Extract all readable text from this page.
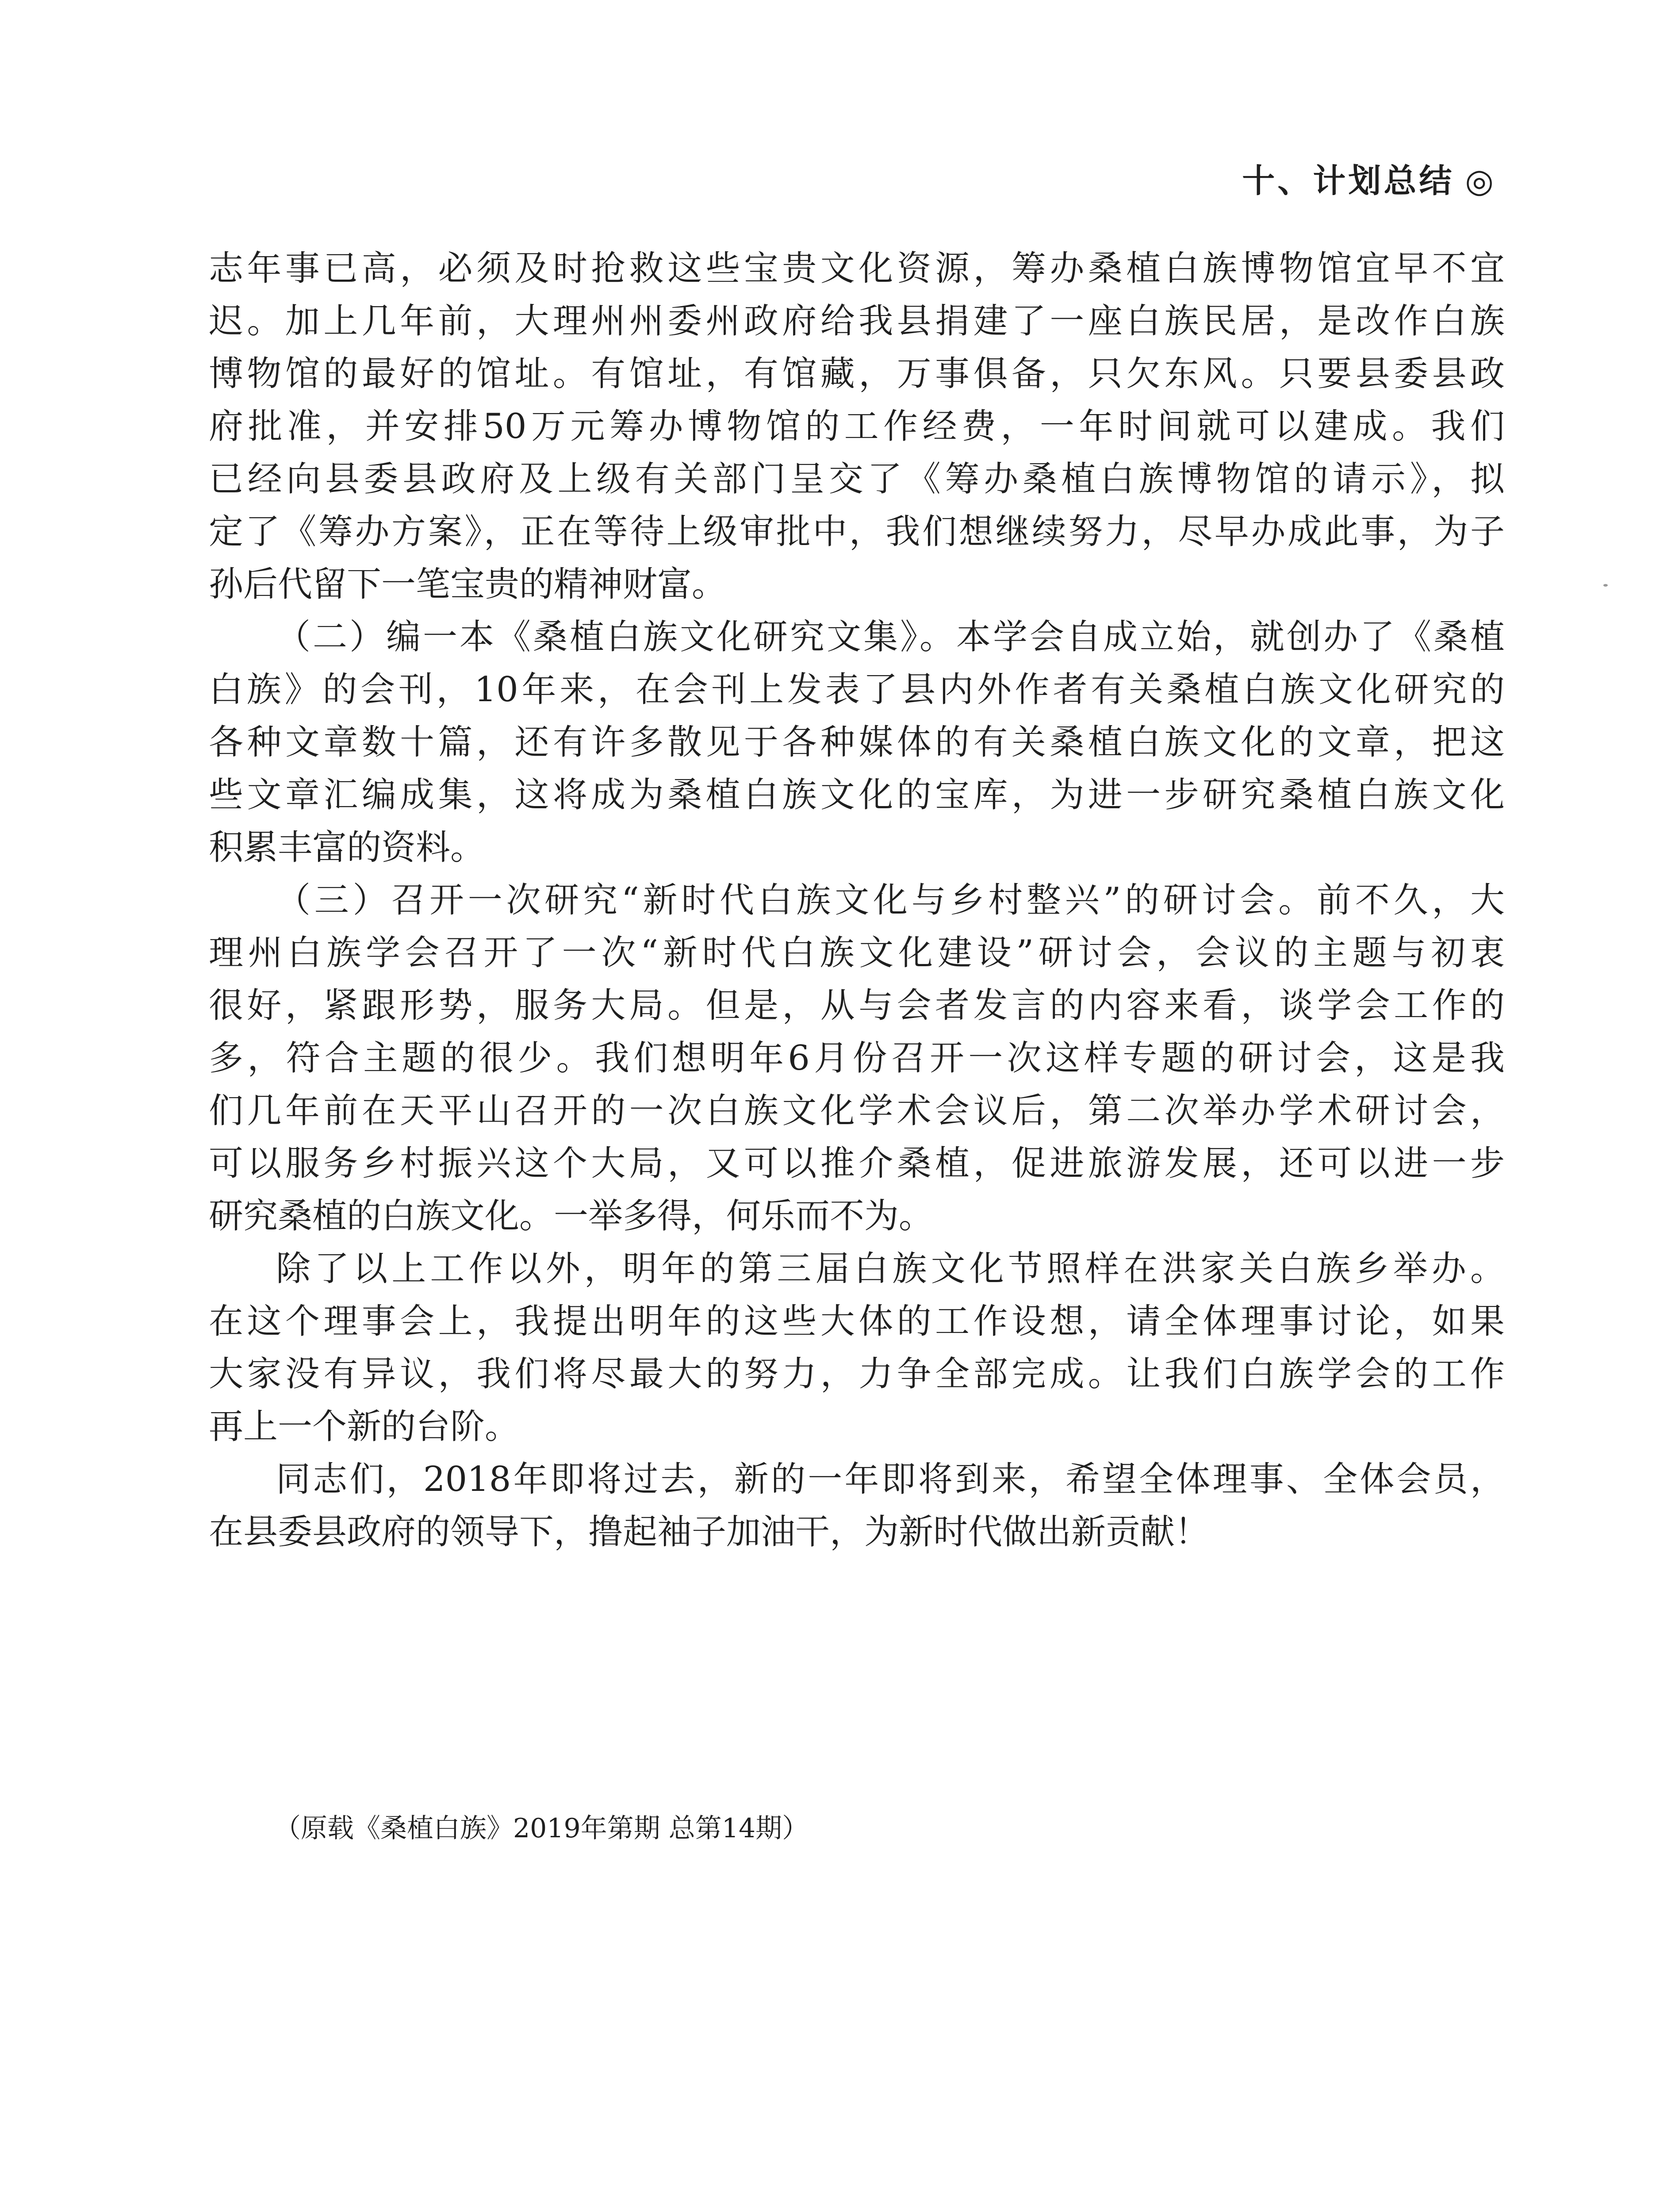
十、计划总结 ◎
志年事已高，必须及时抢救这些宝贵文化资源，筹办桑植白族博物馆宜早不宜
迟。加上几年前，大理州州委州政府给我县捐建了一座白族民居，是改作白族
博物馆的最好的馆址。有馆址，有馆藏，万事俱备，只欠东风。只要县委县政
府批准，并安排50万元筹办博物馆的工作经费，一年时间就可以建成。我们
已经向县委县政府及上级有关部门呈交了《筹办桑植白族博物馆的请示》，拟
定了《筹办方案》，正在等待上级审批中，我们想继续努力，尽早办成此事，为子
孙后代留下一笔宝贵的精神财富。
（二）编一本《桑植白族文化研究文集》。本学会自成立始，就创办了《桑植
白族》的会刊，10年来，在会刊上发表了县内外作者有关桑植白族文化研究的
各种文章数十篇，还有许多散见于各种媒体的有关桑植白族文化的文章，把这
些文章汇编成集，这将成为桑植白族文化的宝库，为进一步研究桑植白族文化
积累丰富的资料。
（三）召开一次研究“新时代白族文化与乡村整兴”的研讨会。前不久，大
理州白族学会召开了一次“新时代白族文化建设”研讨会，会议的主题与初衷
很好，紧跟形势，服务大局。但是，从与会者发言的内容来看，谈学会工作的
多，符合主题的很少。我们想明年6月份召开一次这样专题的研讨会，这是我
们几年前在天平山召开的一次白族文化学术会议后，第二次举办学术研讨会，
可以服务乡村振兴这个大局，又可以推介桑植，促进旅游发展，还可以进一步
研究桑植的白族文化。一举多得，何乐而不为。
除了以上工作以外，明年的第三届白族文化节照样在洪家关白族乡举办。
在这个理事会上，我提出明年的这些大体的工作设想，请全体理事讨论，如果
大家没有异议，我们将尽最大的努力，力争全部完成。让我们白族学会的工作
再上一个新的台阶。
同志们，2018年即将过去，新的一年即将到来，希望全体理事、全体会员，
在县委县政府的领导下，撸起袖子加油干，为新时代做出新贡献！
（原载《桑植白族》2019年第期 总第14期）
